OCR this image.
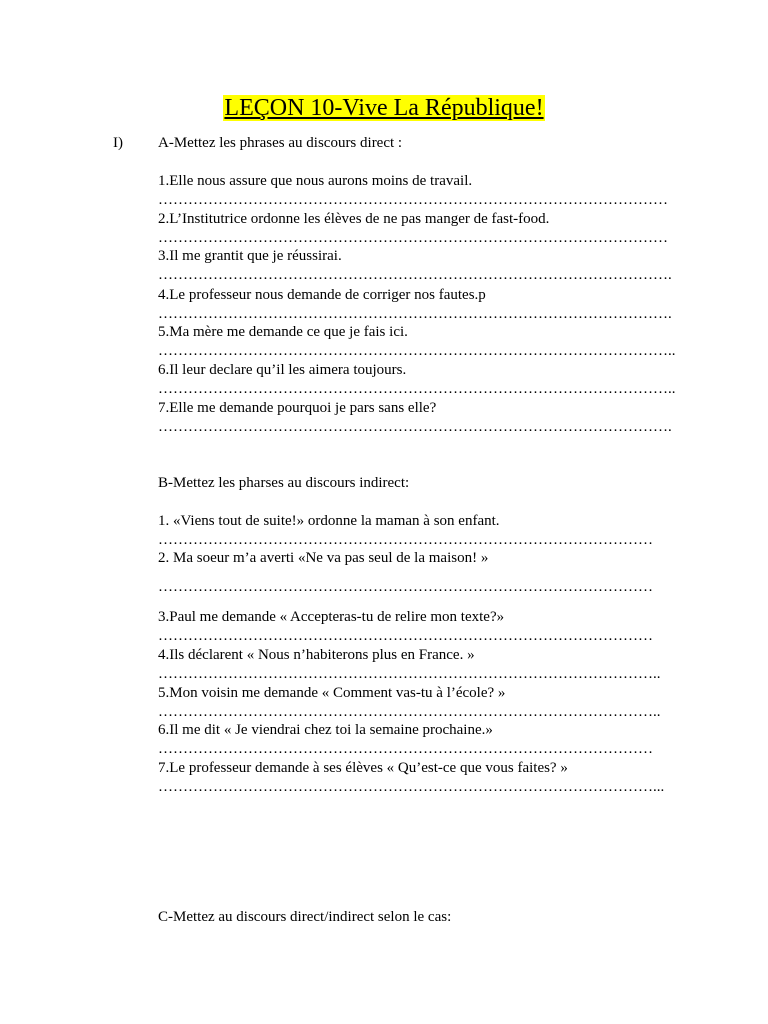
LEÇON 10-Vive La République!
I) A-Mettez les phrases au discours direct :
1.Elle nous assure que nous aurons moins de travail.
…………………………………………………………………………………………
2.L’Institutrice ordonne les élèves de ne pas manger de fast-food.
…………………………………………………………………………………………
3.Il me grantit que je réussirai.
………………………………………………………………………………………….
4.Le professeur nous demande de corriger nos fautes.p
………………………………………………………………………………………….
5.Ma mère me demande ce que je fais ici.
…………………………………………………………………………………………..
6.Il leur declare qu’il les aimera toujours.
…………………………………………………………………………………………..
7.Elle me demande pourquoi je pars sans elle?
………………………………………………………………………………………….
B-Mettez les pharses au discours indirect:
1. «Viens tout de suite!» ordonne la maman à son enfant.
………………………………………………………………………………………
2. Ma soeur m’a averti «Ne va pas seul de la maison! »
………………………………………………………………………………………
3.Paul me demande « Accepteras-tu de relire mon texte?»
………………………………………………………………………………………
4.Ils déclarent « Nous n’habiterons plus en France. »
………………………………………………………………………………………..
5.Mon voisin me demande « Comment vas-tu à l’école? »
………………………………………………………………………………………..
6.Il me dit « Je viendrai chez toi la semaine prochaine.»
………………………………………………………………………………………
7.Le professeur demande à ses élèves « Qu’est-ce que vous faites? »
………………………………………………………………………………………...
C-Mettez au discours direct/indirect selon le cas:
